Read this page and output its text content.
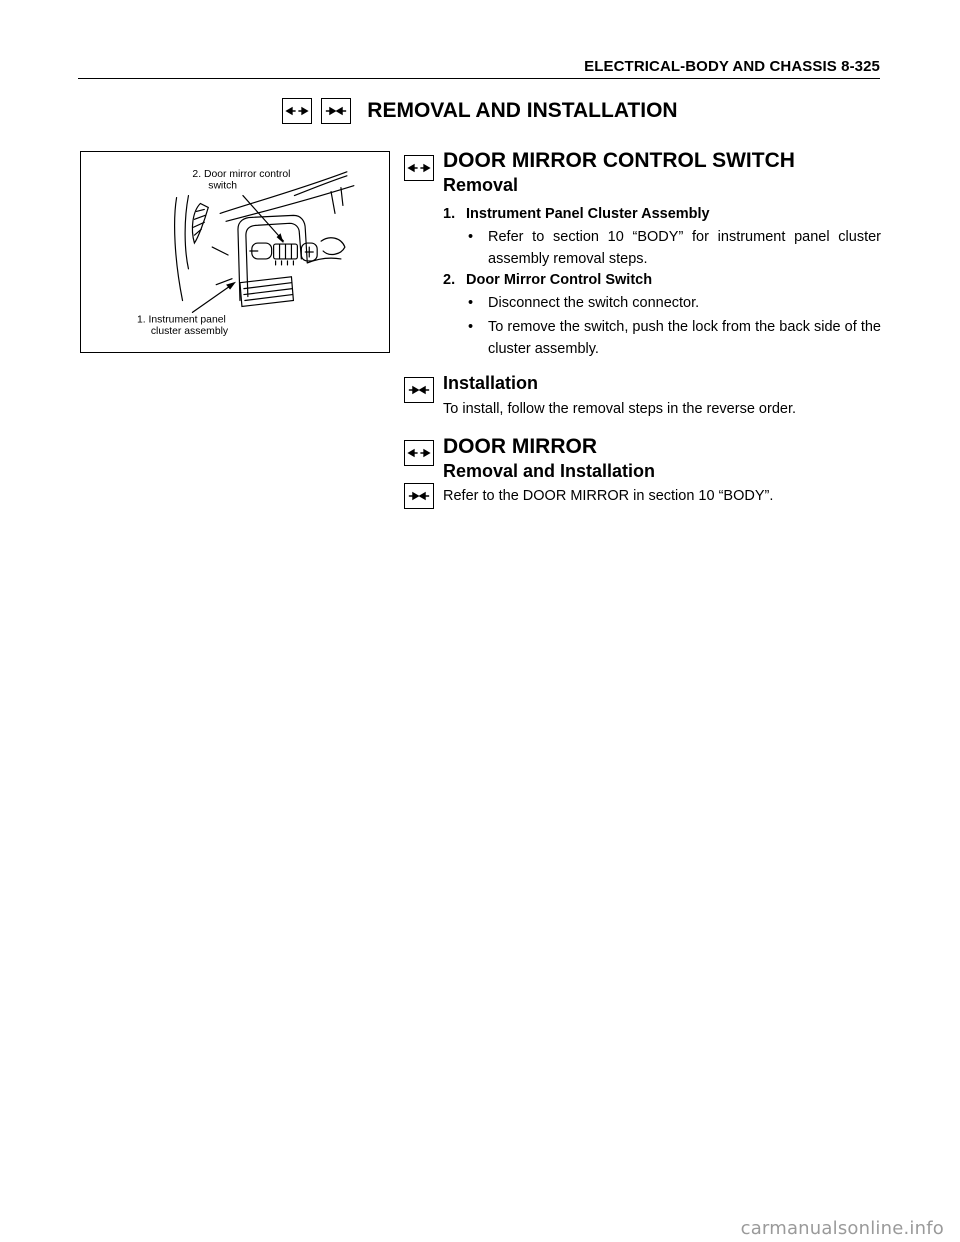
ELECTRICAL-BODY AND CHASSIS 8-325

REMOVAL AND INSTALLATION
2. Door mirror control
switch
1. Instrument panel
cluster assembly
DOOR MIRROR CONTROL SWITCH
Removal
1. Instrument Panel Cluster Assembly
• Refer to section 10 “BODY” for instrument panel cluster assembly removal steps.
2. Door Mirror Control Switch
• Disconnect the switch connector.
• To remove the switch, push the lock from the back side of the cluster assembly.
Installation
To install, follow the removal steps in the reverse order.
DOOR MIRROR
Removal and Installation
Refer to the DOOR MIRROR in section 10 “BODY”.
carmanualsonline.info
